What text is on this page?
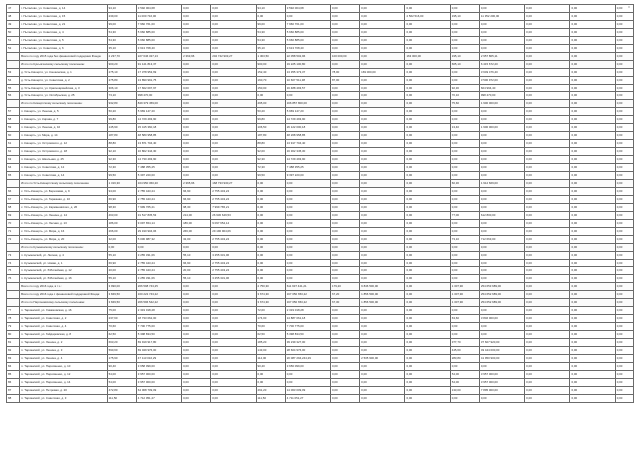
47	г. Пыталово, ул. Советская, д. 14	94,10	3 592 004,68	0,00	0,00	94,10	3 592 004,68	0,00	0,00	0,00	0,00	0,00	0,00	0,00	0,00
48	г. Пыталово, ул. Советская, д. 15	239,00	11 000 716,00	0,00	0,00	0,00	0,00	0,00	0,00	2 562 516,00	195,10	11 352 200,00	0,00	0,00	0,00
49	г. Пыталово, ул. Советская, д. 21	99,00	7 960 761,00	0,00	0,00	99,00	7 960 761,00	0,00	0,00	0,00	0,00	0,00	0,00	0,00	0,00
50	г. Пыталово, ул. Советская, д. 4	54,30	5 660 885,00	0,00	0,00	54,30	5 660 885,00	0,00	0,00	0,00	0,00	0,00	0,00	0,00	0,00
51	г. Пыталово, ул. Советская, д. 5	54,30	5 660 885,00	0,00	0,00	54,30	5 660 885,00	0,00	0,00	0,00	0,00	0,00	0,00	0,00	0,00
52	г. Пыталово, ул. Советская, д. 6	35,10	3 613 708,40	0,00	0,00	35,10	3 613 708,40	0,00	0,00	0,00	0,00	0,00	0,00	0,00	0,00
	Всего по году 2015 года без финансовой поддержки Фонда:	2 237,70	227 646 327,13	2 363,96	202 742 903,27	1 303,50	22 058 502,96	100 000,00	0,00	163 000,00	195,10	2 957 805,11	0,00	0,00	0,00
	Итого по Кунъягинскому сельскому поселению:	900,20	91 141 813,37	0,00	0,00	900,00	19 225 100,80	0,00	0,00	0,00	665,10	6 415 672,20	0,00	0,00	0,00
53	д. Усть-Кишерти, ул. Кошкинская, д. 1	275,10	17 378 953,69	0,00	0,00	152,40	13 355 373,37	78,00	169 000,00	0,00	0,00	3 649 476,40	0,00	0,00	0,00
54	д. Усть-Кишерти, ул. Советская, д. 2	275,80	13 890 991,75	0,00	0,00	160,70	10 607 511,38	87,00	0,00	0,00	0,00	3 500 972,00	0,00	0,00	0,00
55	д. Усть-Кишерти, ул. Красноармейская, д. 3	306,10	17 662 097,97	0,00	0,00	150,00	16 488 493,57	0,00	0,00	0,00	92,30	604 994,40	0,00	0,00	0,00
56	д. Усть-Кишерти, ул. Октябрьская, д. 25	73,10	998 470,00	0,00	0,00	0,00	0,00	0,00	0,00	0,00	70,10	998 470,00	0,00	0,00	0,00
	Итого по Кишертскому сельскому поселению:	932,80	849 379 459,00	0,00	0,00	495,00	166 857 800,00	0,00	0,00	0,00	75,60	1 900 000,00	0,00	0,00	0,00
57	п. Кишерть, ул. Ленина, д. 5	50,20	5 969 147,20	0,00	0,00	50,20	5 969 147,20	0,00	0,00	0,00	0,00	0,00	0,00	0,00	0,00
58	п. Кишерть, ул. Кирова, д. 7	99,80	14 729 493,90	0,00	0,00	99,80	14 729 493,90	0,00	0,00	0,00	0,00	0,00	0,00	0,00	0,00
59	п. Кишерть, ул. Ленина, д. 10	145,90	15 415 360,18	0,00	0,00	106,50	26 122 000,18	0,00	0,00	0,00	13,40	1 900 000,00	0,00	0,00	0,00
60	п. Кишерть, ул. Мира, д. 14	187,80	48 580 958,85	0,00	0,00	187,80	48 268 958,85	0,00	0,00	0,00	0,00	0,00	0,00	0,00	0,00
61	п. Кишерть, ул. Островского, д. 12	88,80	13 871 704,40	0,00	0,00	88,80	13 917 704,40	0,00	0,00	0,00	0,00	0,00	0,00	0,00	0,00
62	п. Кишерть, ул. Островского, д. 18	92,10	16 802 344,30	0,00	0,00	92,00	16 302 345,30	0,00	0,00	0,00	0,00	0,00	0,00	0,00	0,00
63	п. Кишерть, ул. Школьная, д. 25	92,30	14 730 493,90	0,00	0,00	92,30	14 729 493,90	0,00	0,00	0,00	0,00	0,00	0,00	0,00	0,00
64	п. Кишерть, ул. Советская, д. 12	72,30	7 488 355,25	0,00	0,00	72,30	7 488 355,25	0,00	0,00	0,00	0,00	0,00	0,00	0,00	0,00
65	п. Кишерть, ул. Советская, д. 14	99,50	5 397 220,00	0,00	0,00	99,50	9 397 220,00	0,00	0,00	0,00	0,00	0,00	0,00	0,00	0,00
	Итого по Усть-Кишертскому сельскому поселению:	1 316,30	164 950 360,20	2 365,96	168 733 930,27	0,00	0,00	0,00	0,00	0,00	60,30	1 912 669,00	0,00	0,00	0,00
66	с. Усть-Кишерть, ул. Березовая, д. 9	94,00	2 755 443,24	66,90	2 755 443,24	0,00	0,00	0,00	0,00	0,00	0,00	0,00	0,00	0,00	0,00
67	с. Усть-Кишерть, ул. Гаражная, д. 10	66,90	2 755 443,24	66,90	2 755 443,24	0,00	0,00	0,00	0,00	0,00	0,00	0,00	0,00	0,00	0,00
68	с. Усть-Кишерть, ул. Кармановского, д. 26	98,30	7 999 765,21	98,30	7 999 765,21	0,00	0,00	0,00	0,00	0,00	0,00	0,00	0,00	0,00	0,00
69	с. Усть-Кишерть, ул. Ленина, д. 14	463,00	31 517 835,53	214,00	26 930 649,53	0,00	0,00	0,00	0,00	0,00	77,00	612 800,00	0,00	0,00	0,00
70	с. Усть-Кишерть, ул. Лесная, д. 13	186,00	9 097 654,14	186,00	9 097 654,14	0,00	0,00	0,00	0,00	0,00	0,00	0,00	0,00	0,00	0,00
71	с. Усть-Кишерть, ул. Мира, д. 16	266,00	29 190 904,06	266,00	29 190 904,06	0,00	0,00	0,00	0,00	0,00	0,00	0,00	0,00	0,00	0,00
72	с. Усть-Кишерть, ул. Мира, д. 20	32,00	5 006 987,32	32,00	2 755 443,24	0,00	0,00	0,00	0,00	0,00	73,10	712 663,00	0,00	0,00	0,00
	Итого по Кузьминскому сельскому поселению:	0,00	0,00	0,00	0,00	0,00	0,00	0,00	0,00	0,00	0,00	0,00	0,00	0,00	0,00
73	п. Кузьминский, ул. Лесная, д. 4	55,10	3 255 331,06	55,10	3 255 331,06	0,00	0,00	0,00	0,00	0,00	0,00	0,00	0,00	0,00	0,00
74	п. Кузьминский, ул. Новая, д. 1	66,90	2 755 443,24	66,90	2 755 443,24	0,00	0,00	0,00	0,00	0,00	0,00	0,00	0,00	0,00	0,00
75	п. Кузьминский, ул. Юбилейная, д. 12	20,00	2 755 443,24	20,00	2 755 443,24	0,00	0,00	0,00	0,00	0,00	0,00	0,00	0,00	0,00	0,00
76	п. Кузьминский, ул. Юбилейная, д. 16	55,10	3 255 331,06	55,10	3 255 331,06	0,00	0,00	0,00	0,00	0,00	0,00	0,00	0,00	0,00	0,00
	Всего по году 2016 года, в т.ч.:	3 990,00	266 598 743,25	0,00	0,00	2 750,30	611 937 441,21	179,20	9 846 500,00	0,00	1 307,90	254 653 689,00	0,00	0,00	0,00
	Всего по году 2016 года с финансовой поддержкой Фонда:	3 849,50	160 222 743,22	0,00	0,00	3 674,30	167 050 653,22	67,20	1 856 500,00	0,00	1 307,90	254 652 689,00	0,00	0,00	0,00
	Итого по Паргоновскому сельскому поселению:	3 849,50	266 596 542,22	0,00	0,00	3 674,30	167 050 653,22	67,30	1 856 500,00	0,00	1 307,90	254 652 689,00	0,00	0,00	0,00
77	п. Тарханский, ул. Химиковская, д. 16	75,00	2 319 018,28	0,00	0,00	72,00	2 319 018,28	0,00	0,00	0,00	0,00	0,00	0,00	0,00	0,00
78	п. Тарханский, ул. Советская, д. 2	237,60	18 733 062,00	0,00	0,00	174,00	14 887 061,18	0,00	0,00	0,00	63,60	3 846 000,00	0,00	0,00	0,00
79	п. Тарханский, ул. Советская, д. 4	70,60	7 700 775,00	0,00	0,00	70,60	7 700 775,00	0,00	0,00	0,00	0,00	0,00	0,00	0,00	0,00
80	п. Тарханский, ул. Гайдаровская, д. 8	62,50	5 398 834,50	0,00	0,00	62,50	5 398 834,50	0,00	0,00	0,00	0,00	0,00	0,00	0,00	0,00
81	п. Тарханский, ул. Ленина, д. 2	663,20	69 919 917,80	0,00	0,00	185,20	39 239 327,00	0,00	0,00	0,00	377,70	37 607 920,00	0,00	0,00	0,00
82	п. Тарханский, ул. Ленина, д. 3	590,60	69 049 976,00	0,00	0,00	143,00	28 604 976,00	0,00	0,00	0,00	445,60	49 444 000,00	0,00	0,00	0,00
83	п. Тарханский, ул. Ленина, д. 4	175,90	47 113 016,29	0,00	0,00	114,00	20 087 294,244,29	0,00	2 535 900,00	0,00	283,80	41 950 900,00	0,00	0,00	0,00
84	п. Тарханский, ул. Пархоменко, д. 10	90,40	3 658 099,00	0,00	0,00	90,40	3 656 099,00	0,00	0,00	0,00	0,00	0,00	0,00	0,00	0,00
85	п. Тарханский, ул. Пархоменко, д. 12	54,00	3 957 000,00	0,00	0,00	0,00	0,00	0,00	0,00	0,00	54,00	3 957 000,00	0,00	0,00	0,00
86	п. Тарханский, ул. Пархоменко, д. 14	54,00	3 957 000,00	0,00	0,00	0,00	0,00	0,00	0,00	0,00	54,00	3 957 000,00	0,00	0,00	0,00
87	п. Тарханский, ул. Петровая, д. 20	472,80	64 068 709,09	0,00	0,00	491,20	14 063 009,09	0,00	0,00	0,00	133,00	7 895 000,00	0,00	0,00	0,00
88	п. Тарханский, ул. Советская, д. 3	111,50	4 712 051,27	0,00	0,00	111,50	4 711 051,27	0,00	0,00	0,00	0,00	0,00	0,00	0,00	0,00
